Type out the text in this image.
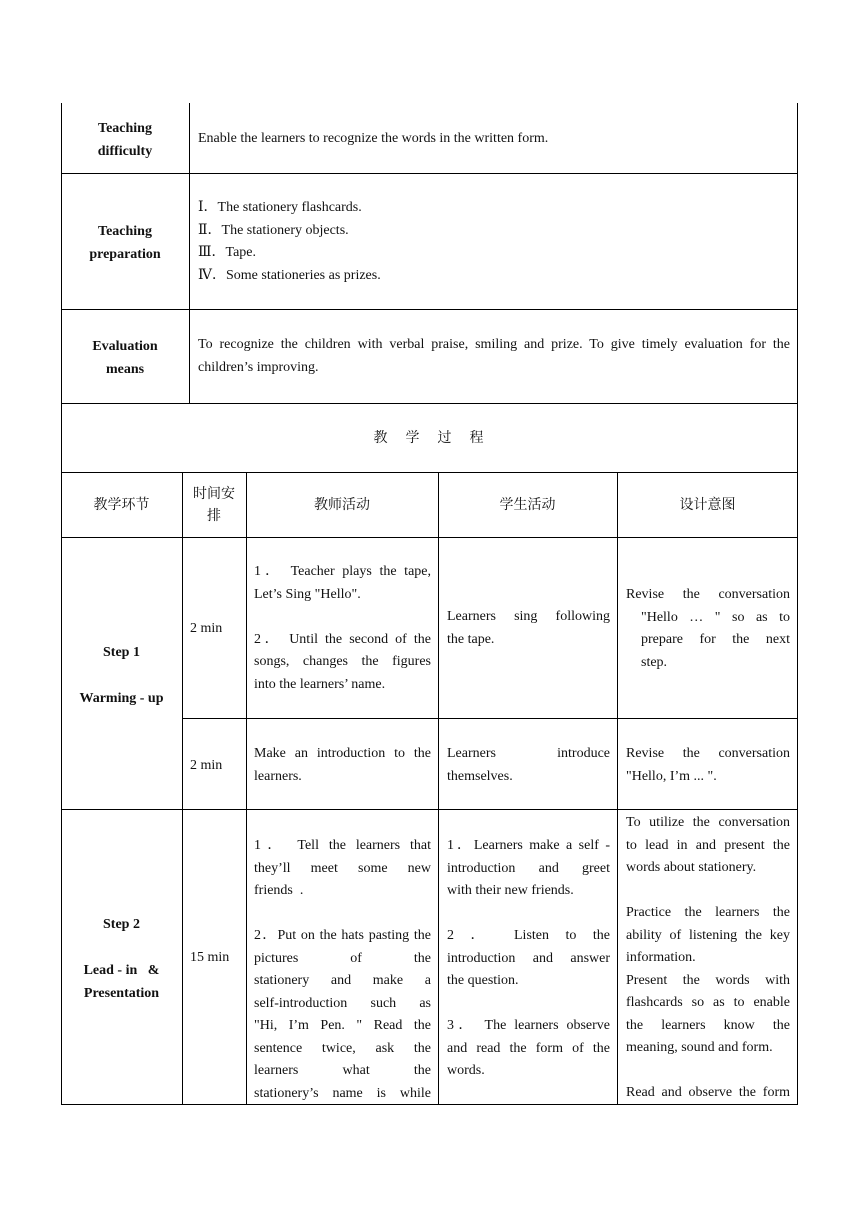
Teaching
difficulty
Enable the learners to recognize the words in the written form.
Teaching
preparation
Ⅰ．The stationery flashcards.
Ⅱ．The stationery objects.
Ⅲ．Tape.
Ⅳ．Some stationeries as prizes.
Evaluation
means
To recognize the children with verbal praise, smiling and prize. To give timely evaluation for the
children’s improving.
教　学　过　程
教学环节
时间安
排
教师活动	学生活动	设计意图
Step 1
Warming - up
2 min
1． Teacher plays the tape,
Let’s Sing "Hello".
2． Until the second of the
songs, changes the figures
into the learners’ name.
Learners sing following
the tape.
Revise the conversation
"Hello … " so as to
prepare for the next
step.
2 min
Make an introduction to the
learners.
Learners introduce
themselves.
Revise the conversation
"Hello, I’m ... ".
Step 2
Lead - in   &
Presentation
15 min
1． Tell the learners that
they’ll meet some new
friends  .
2．Put on the hats pasting the
pictures of the
stationery and make a
self-introduction such as
"Hi, I’m Pen. " Read the
sentence twice, ask the
learners what the
stationery’s name is while
1．Learners make a self -
introduction and greet
with their new friends.
2 ． Listen to the
introduction and answer
the question.
3． The learners observe
and read the form of the
words.
To utilize the conversation
to lead in and present the
words about stationery.
Practice the learners the
ability of listening the key
information.
Present the words with
flashcards so as to enable
the learners know the
meaning, sound and form.
Read and observe the form
